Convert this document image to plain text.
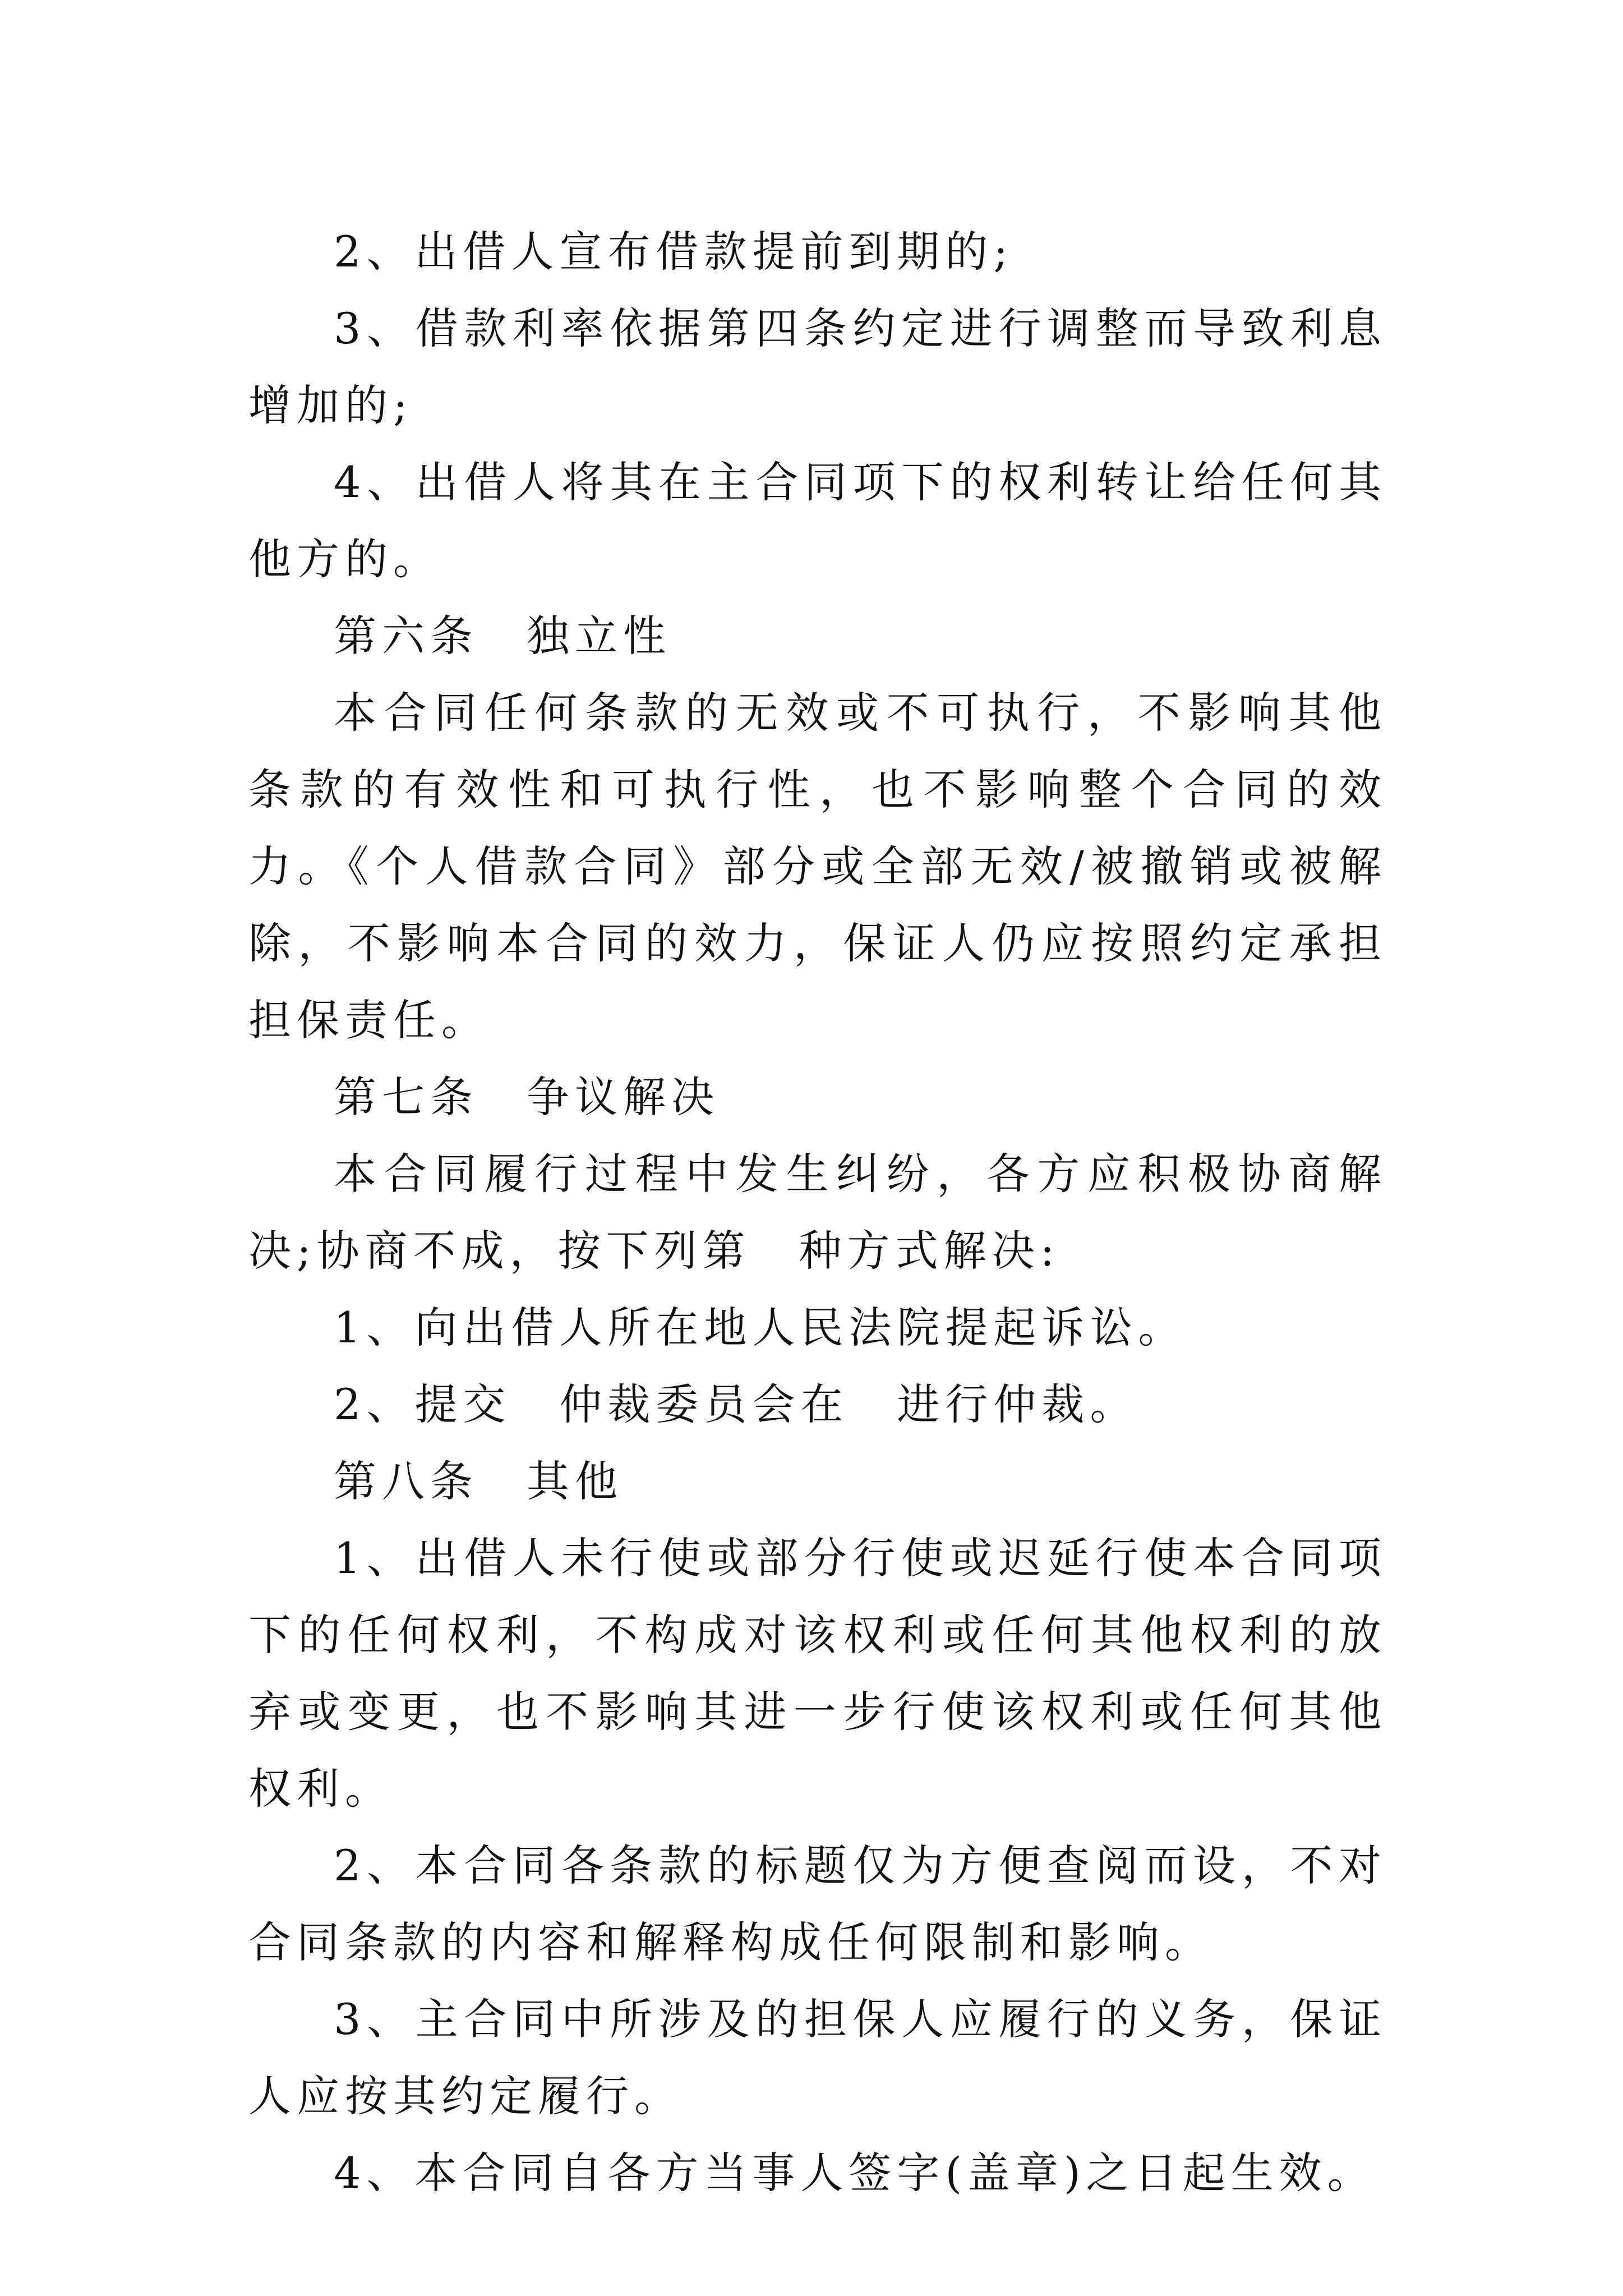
2、出借人宣布借款提前到期的;

3、借款利率依据第四条约定进行调整而导致利息增加的;

4、出借人将其在主合同项下的权利转让给任何其他方的。

第六条　独立性

本合同任何条款的无效或不可执行，不影响其他条款的有效性和可执行性，也不影响整个合同的效力。《个人借款合同》部分或全部无效/被撤销或被解除，不影响本合同的效力，保证人仍应按照约定承担担保责任。

第七条　争议解决

本合同履行过程中发生纠纷，各方应积极协商解决;协商不成，按下列第　种方式解决:

1、向出借人所在地人民法院提起诉讼。

2、提交　仲裁委员会在　进行仲裁。

第八条　其他

1、出借人未行使或部分行使或迟延行使本合同项下的任何权利，不构成对该权利或任何其他权利的放弃或变更，也不影响其进一步行使该权利或任何其他权利。

2、本合同各条款的标题仅为方便查阅而设，不对合同条款的内容和解释构成任何限制和影响。

3、主合同中所涉及的担保人应履行的义务，保证人应按其约定履行。

4、本合同自各方当事人签字(盖章)之日起生效。
